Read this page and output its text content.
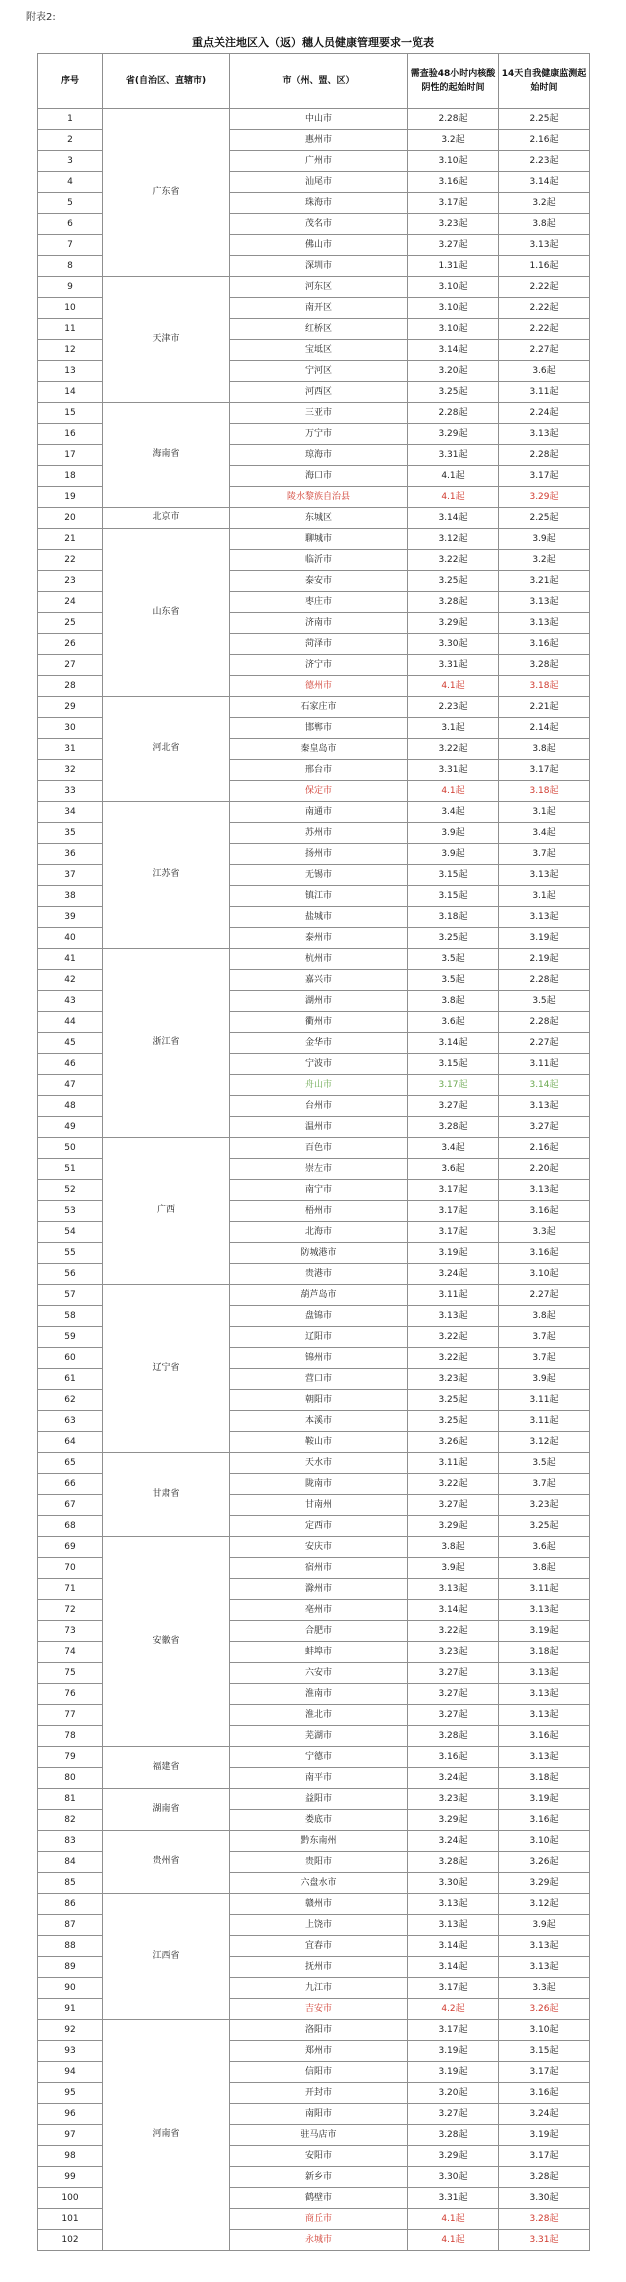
附表2:
重点关注地区入（返）穗人员健康管理要求一览表
序号	省(自治区、直辖市)	市（州、盟、区）	需查验48小时内核酸阴性的起始时间	14天自我健康监测起始时间
1	广东省	中山市	2.28起	2.25起
2		惠州市	3.2起	2.16起
3		广州市	3.10起	2.23起
4		汕尾市	3.16起	3.14起
5		珠海市	3.17起	3.2起
6		茂名市	3.23起	3.8起
7		佛山市	3.27起	3.13起
8		深圳市	1.31起	1.16起
9	天津市	河东区	3.10起	2.22起
10		南开区	3.10起	2.22起
11		红桥区	3.10起	2.22起
12		宝坻区	3.14起	2.27起
13		宁河区	3.20起	3.6起
14		河西区	3.25起	3.11起
15	海南省	三亚市	2.28起	2.24起
16		万宁市	3.29起	3.13起
17		琼海市	3.31起	2.28起
18		海口市	4.1起	3.17起
19		陵水黎族自治县	4.1起	3.29起
20	北京市	东城区	3.14起	2.25起
21	山东省	聊城市	3.12起	3.9起
22		临沂市	3.22起	3.2起
23		泰安市	3.25起	3.21起
24		枣庄市	3.28起	3.13起
25		济南市	3.29起	3.13起
26		菏泽市	3.30起	3.16起
27		济宁市	3.31起	3.28起
28		德州市	4.1起	3.18起
29	河北省	石家庄市	2.23起	2.21起
30		邯郸市	3.1起	2.14起
31		秦皇岛市	3.22起	3.8起
32		邢台市	3.31起	3.17起
33		保定市	4.1起	3.18起
34	江苏省	南通市	3.4起	3.1起
35		苏州市	3.9起	3.4起
36		扬州市	3.9起	3.7起
37		无锡市	3.15起	3.13起
38		镇江市	3.15起	3.1起
39		盐城市	3.18起	3.13起
40		泰州市	3.25起	3.19起
41	浙江省	杭州市	3.5起	2.19起
42		嘉兴市	3.5起	2.28起
43		湖州市	3.8起	3.5起
44		衢州市	3.6起	2.28起
45		金华市	3.14起	2.27起
46		宁波市	3.15起	3.11起
47		舟山市	3.17起	3.14起
48		台州市	3.27起	3.13起
49		温州市	3.28起	3.27起
50	广西	百色市	3.4起	2.16起
51		崇左市	3.6起	2.20起
52		南宁市	3.17起	3.13起
53		梧州市	3.17起	3.16起
54		北海市	3.17起	3.3起
55		防城港市	3.19起	3.16起
56		贵港市	3.24起	3.10起
57	辽宁省	葫芦岛市	3.11起	2.27起
58		盘锦市	3.13起	3.8起
59		辽阳市	3.22起	3.7起
60		锦州市	3.22起	3.7起
61		营口市	3.23起	3.9起
62		朝阳市	3.25起	3.11起
63		本溪市	3.25起	3.11起
64		鞍山市	3.26起	3.12起
65	甘肃省	天水市	3.11起	3.5起
66		陇南市	3.22起	3.7起
67		甘南州	3.27起	3.23起
68		定西市	3.29起	3.25起
69	安徽省	安庆市	3.8起	3.6起
70		宿州市	3.9起	3.8起
71		滁州市	3.13起	3.11起
72		亳州市	3.14起	3.13起
73		合肥市	3.22起	3.19起
74		蚌埠市	3.23起	3.18起
75		六安市	3.27起	3.13起
76		淮南市	3.27起	3.13起
77		淮北市	3.27起	3.13起
78		芜湖市	3.28起	3.16起
79	福建省	宁德市	3.16起	3.13起
80		南平市	3.24起	3.18起
81	湖南省	益阳市	3.23起	3.19起
82		娄底市	3.29起	3.16起
83	贵州省	黔东南州	3.24起	3.10起
84		贵阳市	3.28起	3.26起
85		六盘水市	3.30起	3.29起
86	江西省	赣州市	3.13起	3.12起
87		上饶市	3.13起	3.9起
88		宜春市	3.14起	3.13起
89		抚州市	3.14起	3.13起
90		九江市	3.17起	3.3起
91		吉安市	4.2起	3.26起
92	河南省	洛阳市	3.17起	3.10起
93		郑州市	3.19起	3.15起
94		信阳市	3.19起	3.17起
95		开封市	3.20起	3.16起
96		南阳市	3.27起	3.24起
97		驻马店市	3.28起	3.19起
98		安阳市	3.29起	3.17起
99		新乡市	3.30起	3.28起
100		鹤壁市	3.31起	3.30起
101		商丘市	4.1起	3.28起
102		永城市	4.1起	3.31起
